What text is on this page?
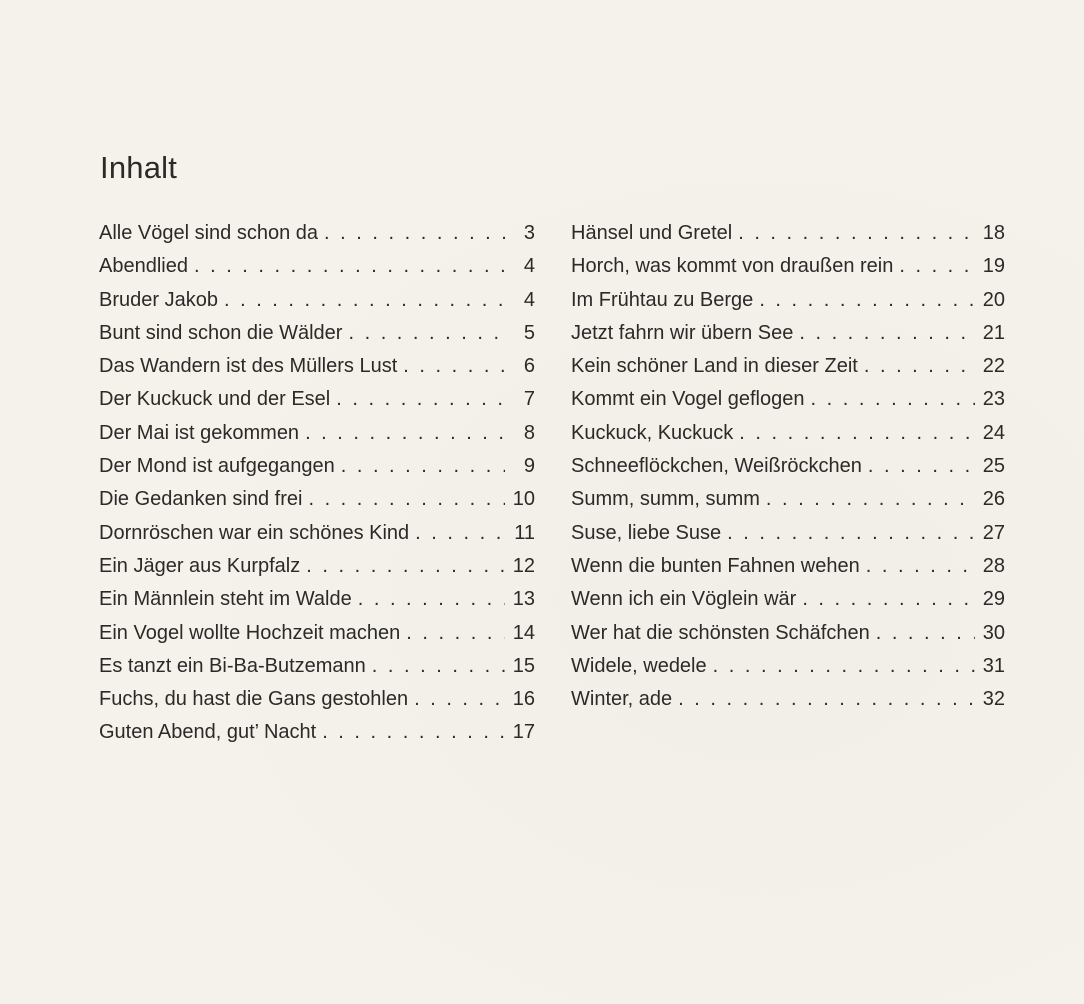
Inhalt
Alle Vögel sind schon da . . .	3
Abendlied . . .	4
Bruder Jakob . . .	4
Bunt sind schon die Wälder . . .	5
Das Wandern ist des Müllers Lust . . .	6
Der Kuckuck und der Esel . . .	7
Der Mai ist gekommen . . .	8
Der Mond ist aufgegangen . . .	9
Die Gedanken sind frei . . .	10
Dornröschen war ein schönes Kind . . .	11
Ein Jäger aus Kurpfalz . . .	12
Ein Männlein steht im Walde . . .	13
Ein Vogel wollte Hochzeit machen . . .	14
Es tanzt ein Bi-Ba-Butzemann . . .	15
Fuchs, du hast die Gans gestohlen . . .	16
Guten Abend, gut’ Nacht . . .	17
Hänsel und Gretel . . .	18
Horch, was kommt von draußen rein . . .	19
Im Frühtau zu Berge . . .	20
Jetzt fahrn wir übern See . . .	21
Kein schöner Land in dieser Zeit . . .	22
Kommt ein Vogel geflogen . . .	23
Kuckuck, Kuckuck . . .	24
Schneeflöckchen, Weißröckchen . . .	25
Summ, summ, summ . . .	26
Suse, liebe Suse . . .	27
Wenn die bunten Fahnen wehen . . .	28
Wenn ich ein Vöglein wär . . .	29
Wer hat die schönsten Schäfchen . . .	30
Widele, wedele . . .	31
Winter, ade . . .	32
